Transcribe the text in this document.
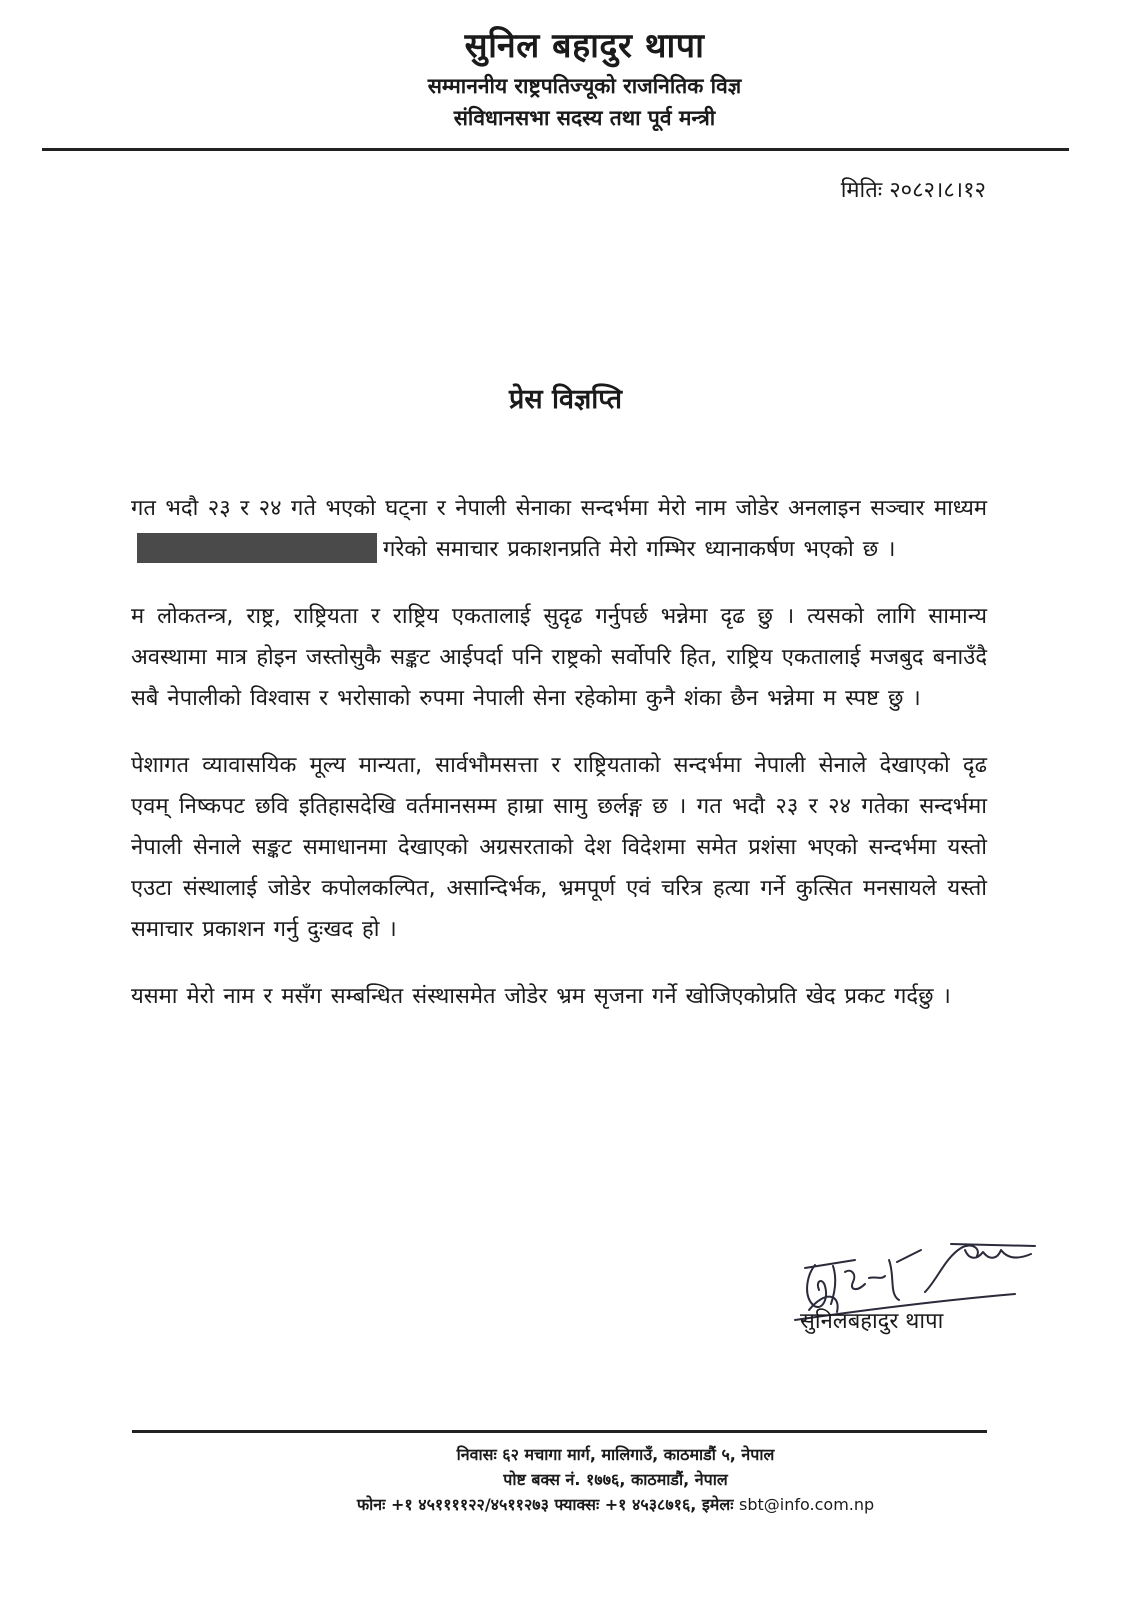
सुनिल बहादुर थापा

सम्माननीय राष्ट्रपतिज्यूको राजनितिक विज्ञ

संविधानसभा सदस्य तथा पूर्व मन्त्री

मितिः २०८२।८।१२
प्रेस विज्ञप्ति

गत भदौ २३ र २४ गते भएको घट्ना र नेपाली सेनाका सन्दर्भमा मेरो नाम जोडेर अनलाइन सञ्चार माध्यमगरेको समाचार प्रकाशनप्रति मेरो गम्भिर ध्यानाकर्षण भएको छ ।

म लोकतन्त्र, राष्ट्र, राष्ट्रियता र राष्ट्रिय एकतालाई सुदृढ गर्नुपर्छ भन्नेमा दृढ छु । त्यसको लागि सामान्य अवस्थामा मात्र होइन जस्तोसुकै सङ्कट आईपर्दा पनि राष्ट्रको सर्वोपरि हित, राष्ट्रिय एकतालाई मजबुद बनाउँदै सबै नेपालीको विश्वास र भरोसाको रुपमा नेपाली सेना रहेकोमा कुनै शंका छैन भन्नेमा म स्पष्ट छु ।

पेशागत व्यावासयिक मूल्य मान्यता, सार्वभौमसत्ता र राष्ट्रियताको सन्दर्भमा नेपाली सेनाले देखाएको दृढ एवम् निष्कपट छवि इतिहासदेखि वर्तमानसम्म हाम्रा सामु छर्लङ्ग छ । गत भदौ २३ र २४ गतेका सन्दर्भमा नेपाली सेनाले सङ्कट समाधानमा देखाएको अग्रसरताको देश विदेशमा समेत प्रशंसा भएको सन्दर्भमा यस्तो एउटा संस्थालाई जोडेर कपोलकल्पित, असान्दिर्भक, भ्रमपूर्ण एवं चरित्र हत्या गर्ने कुत्सित मनसायले यस्तो समाचार प्रकाशन गर्नु दुःखद हो ।

यसमा मेरो नाम र मसँग सम्बन्धित संस्थासमेत जोडेर भ्रम सृजना गर्ने खोजिएकोप्रति खेद प्रकट गर्दछु ।

सुनिलबहादुर थापा

निवासः ६२ मचागा मार्ग, मालिगाउँ, काठमाडौं ५, नेपाल

पोष्ट बक्स नं. १७७६, काठमाडौं, नेपाल

फोनः +१ ४५११११२२/४५११२७३ फ्याक्सः +१ ४५३८७१६, इमेलः sbt@info.com.np
